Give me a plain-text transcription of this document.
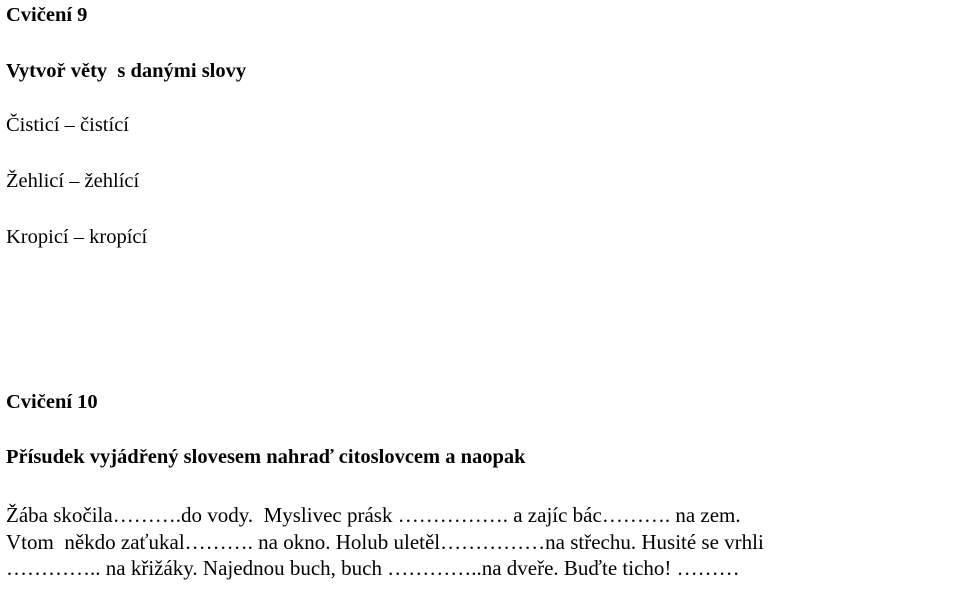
Cvičení 9
Vytvoř věty  s danými slovy
Čisticí – čistící
Žehlicí – žehlící
Kropicí – kropící
Cvičení 10
Přísudek vyjádřený slovesem nahraď citoslovcem a naopak
Žába skočila……….do vody.  Myslivec prásk ……………. a zajíc bác………. na zem.
Vtom  někdo zaťukal………. na okno. Holub uletěl……………na střechu. Husité se vrhli
………….. na křižáky. Najednou buch, buch …………..na dveře. Buďte ticho! ………
